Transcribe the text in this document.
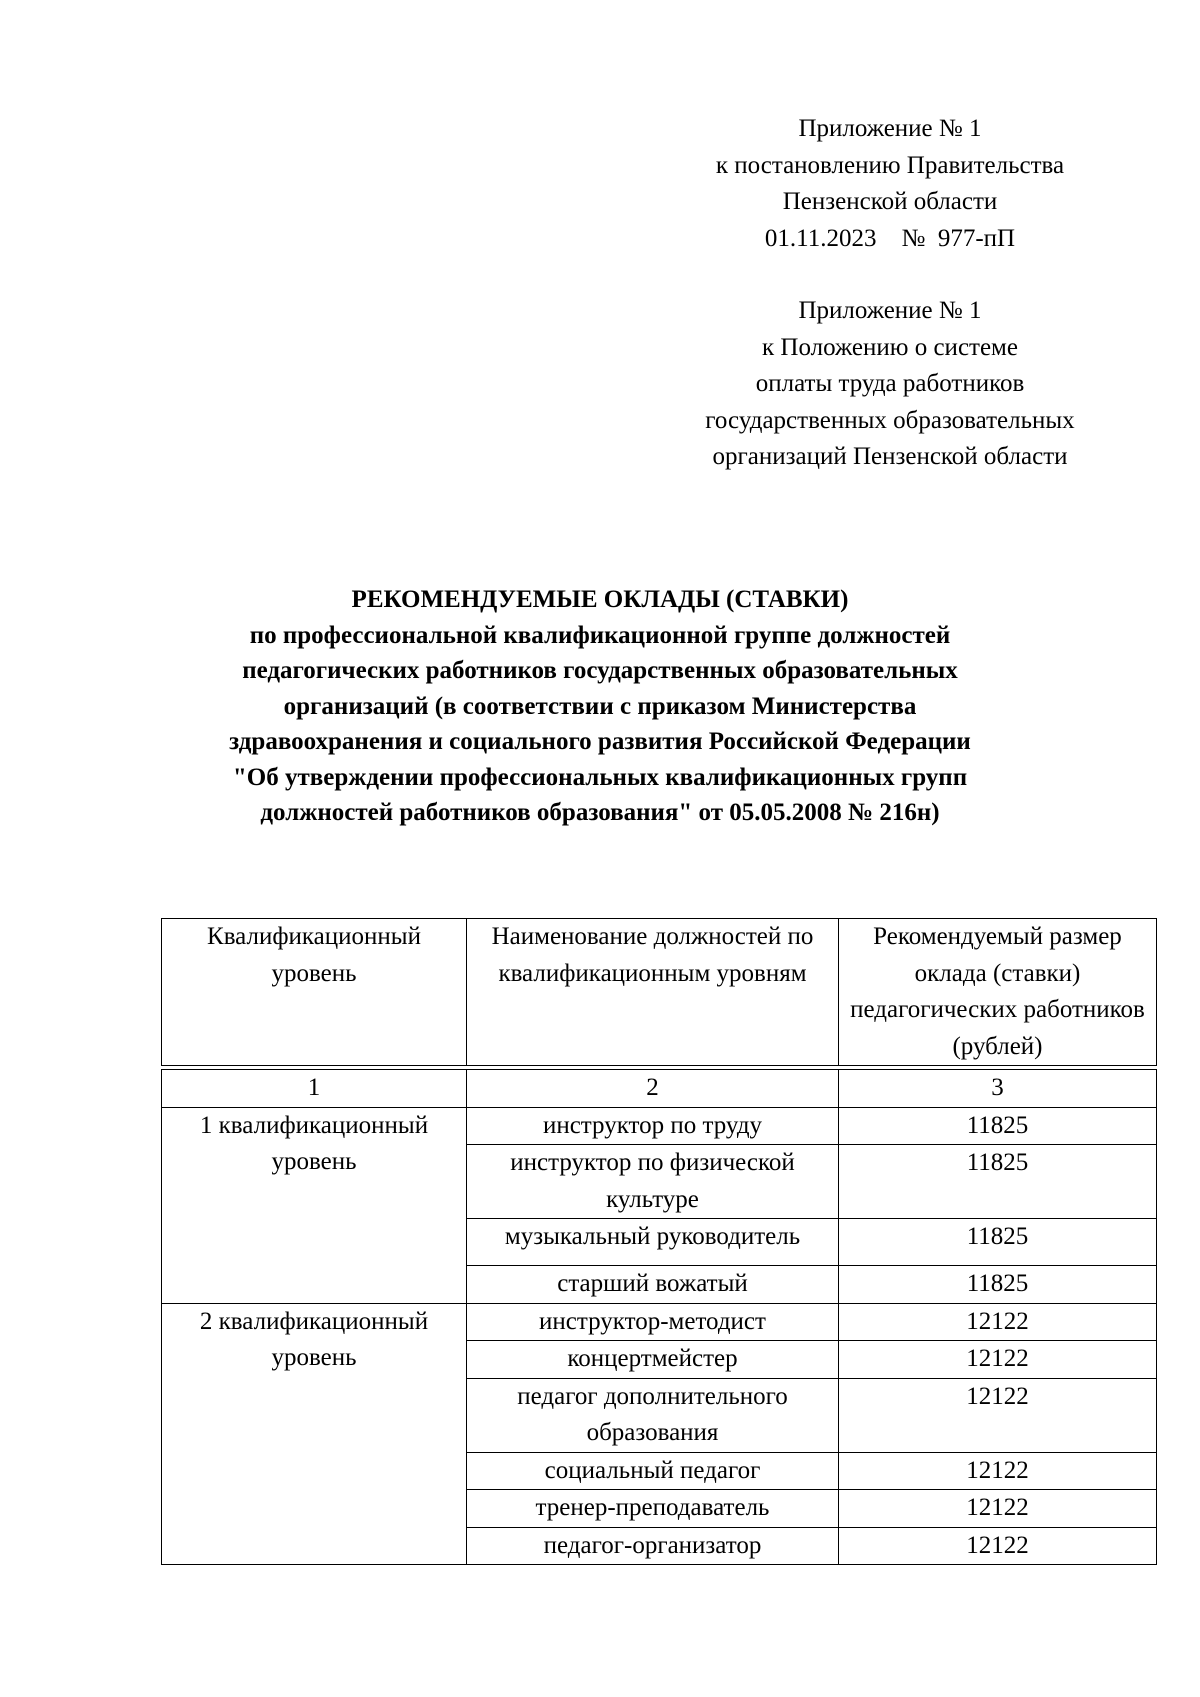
Приложение № 1
к постановлению Правительства
Пензенской области
01.11.2023    №  977-пП
Приложение № 1
к Положению о системе
оплаты труда работников
государственных образовательных
организаций Пензенской области
РЕКОМЕНДУЕМЫЕ ОКЛАДЫ (СТАВКИ)
по профессиональной квалификационной группе должностей
педагогических работников государственных образовательных
организаций (в соответствии с приказом Министерства
здравоохранения и социального развития Российской Федерации
"Об утверждении профессиональных квалификационных групп
должностей работников образования" от 05.05.2008 № 216н)
Квалификационный уровень	Наименование должностей по квалификационным уровням	Рекомендуемый размер оклада (ставки) педагогических работников (рублей)
1	2	3
1 квалификационный уровень	инструктор по труду	11825
	инструктор по физической культуре	11825
	музыкальный руководитель	11825
	старший вожатый	11825
2 квалификационный уровень	инструктор-методист	12122
	концертмейстер	12122
	педагог дополнительного образования	12122
	социальный педагог	12122
	тренер-преподаватель	12122
	педагог-организатор	12122
